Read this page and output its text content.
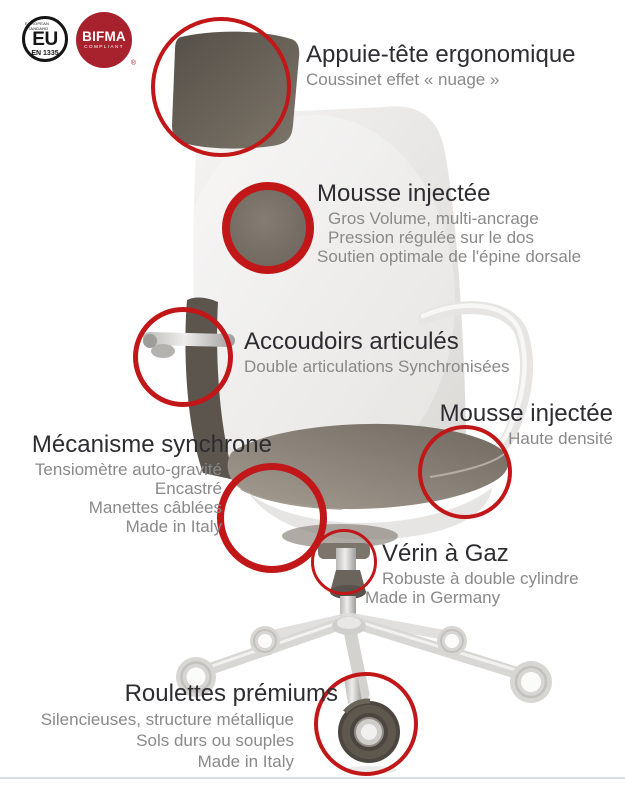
EUROPEAN STANDARD
EU
EN 1335
BIFMA
COMPLIANT
®	Appuie-tête ergonomique
Coussinet effet « nuage »
Mousse injectée
Gros Volume, multi-ancrage
Pression régulée sur le dos
Soutien optimale de l'épine dorsale
Accoudoirs articulés
Double articulations Synchronisées
Mousse injectée
Haute densité
Mécanisme synchrone
Tensiomètre auto-gravité
Encastré
Manettes câblées
Made in Italy
Vérin à Gaz
Robuste à double cylindre
Made in Germany
Roulettes prémiums
Silencieuses, structure métallique
Sols durs ou souples
Made in Italy
